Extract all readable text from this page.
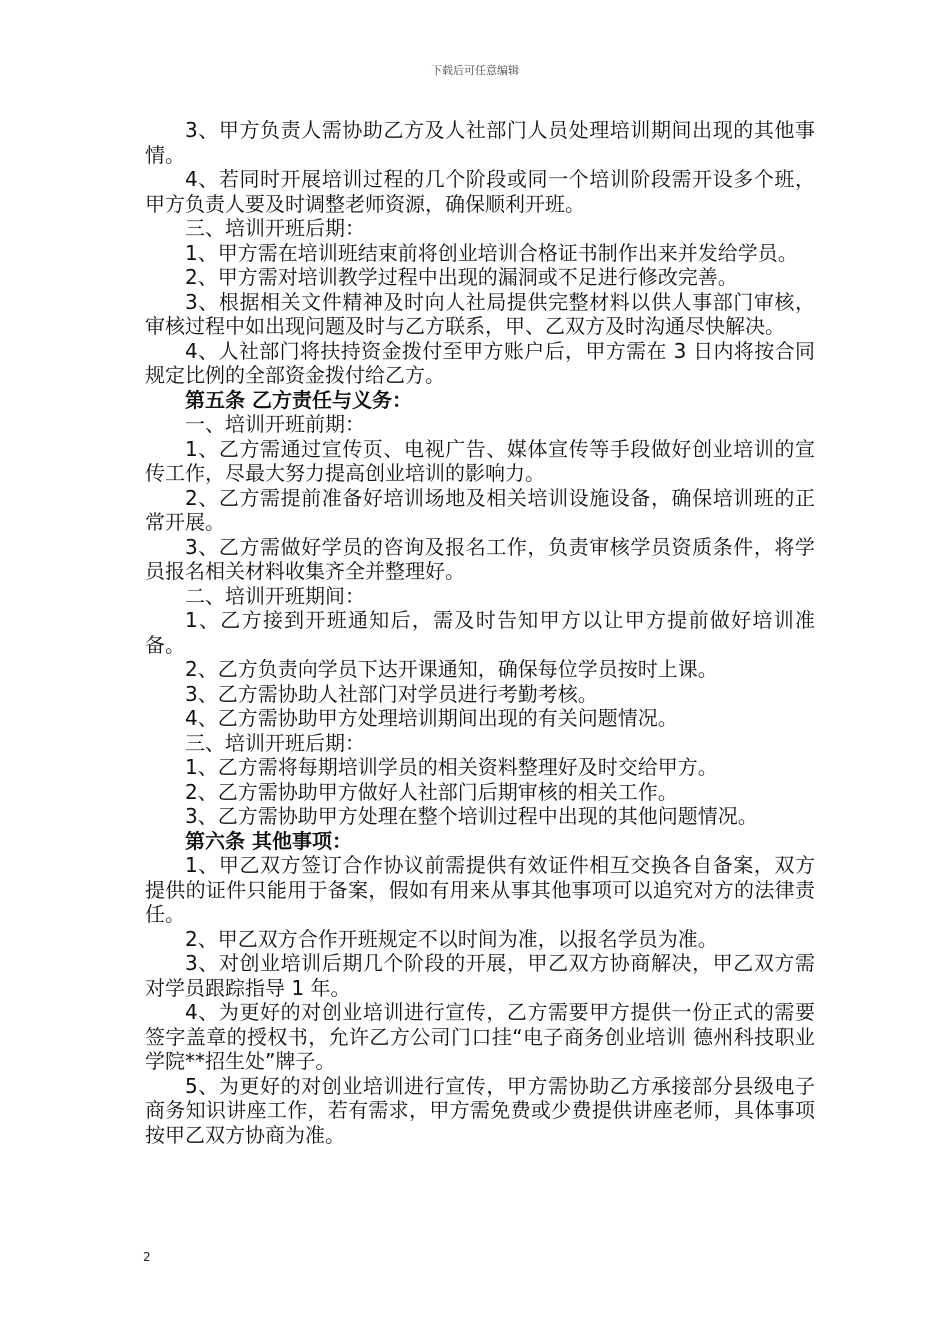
下载后可任意编辑

3、甲方负责人需协助乙方及人社部门人员处理培训期间出现的其他事情。

4、若同时开展培训过程的几个阶段或同一个培训阶段需开设多个班，甲方负责人要及时调整老师资源，确保顺利开班。

三、培训开班后期：

1、甲方需在培训班结束前将创业培训合格证书制作出来并发给学员。

2、甲方需对培训教学过程中出现的漏洞或不足进行修改完善。

3、根据相关文件精神及时向人社局提供完整材料以供人事部门审核，审核过程中如出现问题及时与乙方联系，甲、乙双方及时沟通尽快解决。

4、人社部门将扶持资金拨付至甲方账户后，甲方需在 3 日内将按合同规定比例的全部资金拨付给乙方。

第五条 乙方责任与义务：

一、培训开班前期：

1、乙方需通过宣传页、电视广告、媒体宣传等手段做好创业培训的宣传工作，尽最大努力提高创业培训的影响力。

2、乙方需提前准备好培训场地及相关培训设施设备，确保培训班的正常开展。

3、乙方需做好学员的咨询及报名工作，负责审核学员资质条件，将学员报名相关材料收集齐全并整理好。

二、培训开班期间：

1、乙方接到开班通知后，需及时告知甲方以让甲方提前做好培训准备。

2、乙方负责向学员下达开课通知，确保每位学员按时上课。

3、乙方需协助人社部门对学员进行考勤考核。

4、乙方需协助甲方处理培训期间出现的有关问题情况。

三、培训开班后期：

1、乙方需将每期培训学员的相关资料整理好及时交给甲方。

2、乙方需协助甲方做好人社部门后期审核的相关工作。

3、乙方需协助甲方处理在整个培训过程中出现的其他问题情况。

第六条 其他事项：

1、甲乙双方签订合作协议前需提供有效证件相互交换各自备案，双方提供的证件只能用于备案，假如有用来从事其他事项可以追究对方的法律责任。

2、甲乙双方合作开班规定不以时间为准，以报名学员为准。

3、对创业培训后期几个阶段的开展，甲乙双方协商解决，甲乙双方需对学员跟踪指导 1 年。

4、为更好的对创业培训进行宣传，乙方需要甲方提供一份正式的需要签字盖章的授权书，允许乙方公司门口挂“电子商务创业培训 德州科技职业学院**招生处”牌子。

5、为更好的对创业培训进行宣传，甲方需协助乙方承接部分县级电子商务知识讲座工作，若有需求，甲方需免费或少费提供讲座老师，具体事项按甲乙双方协商为准。

2
